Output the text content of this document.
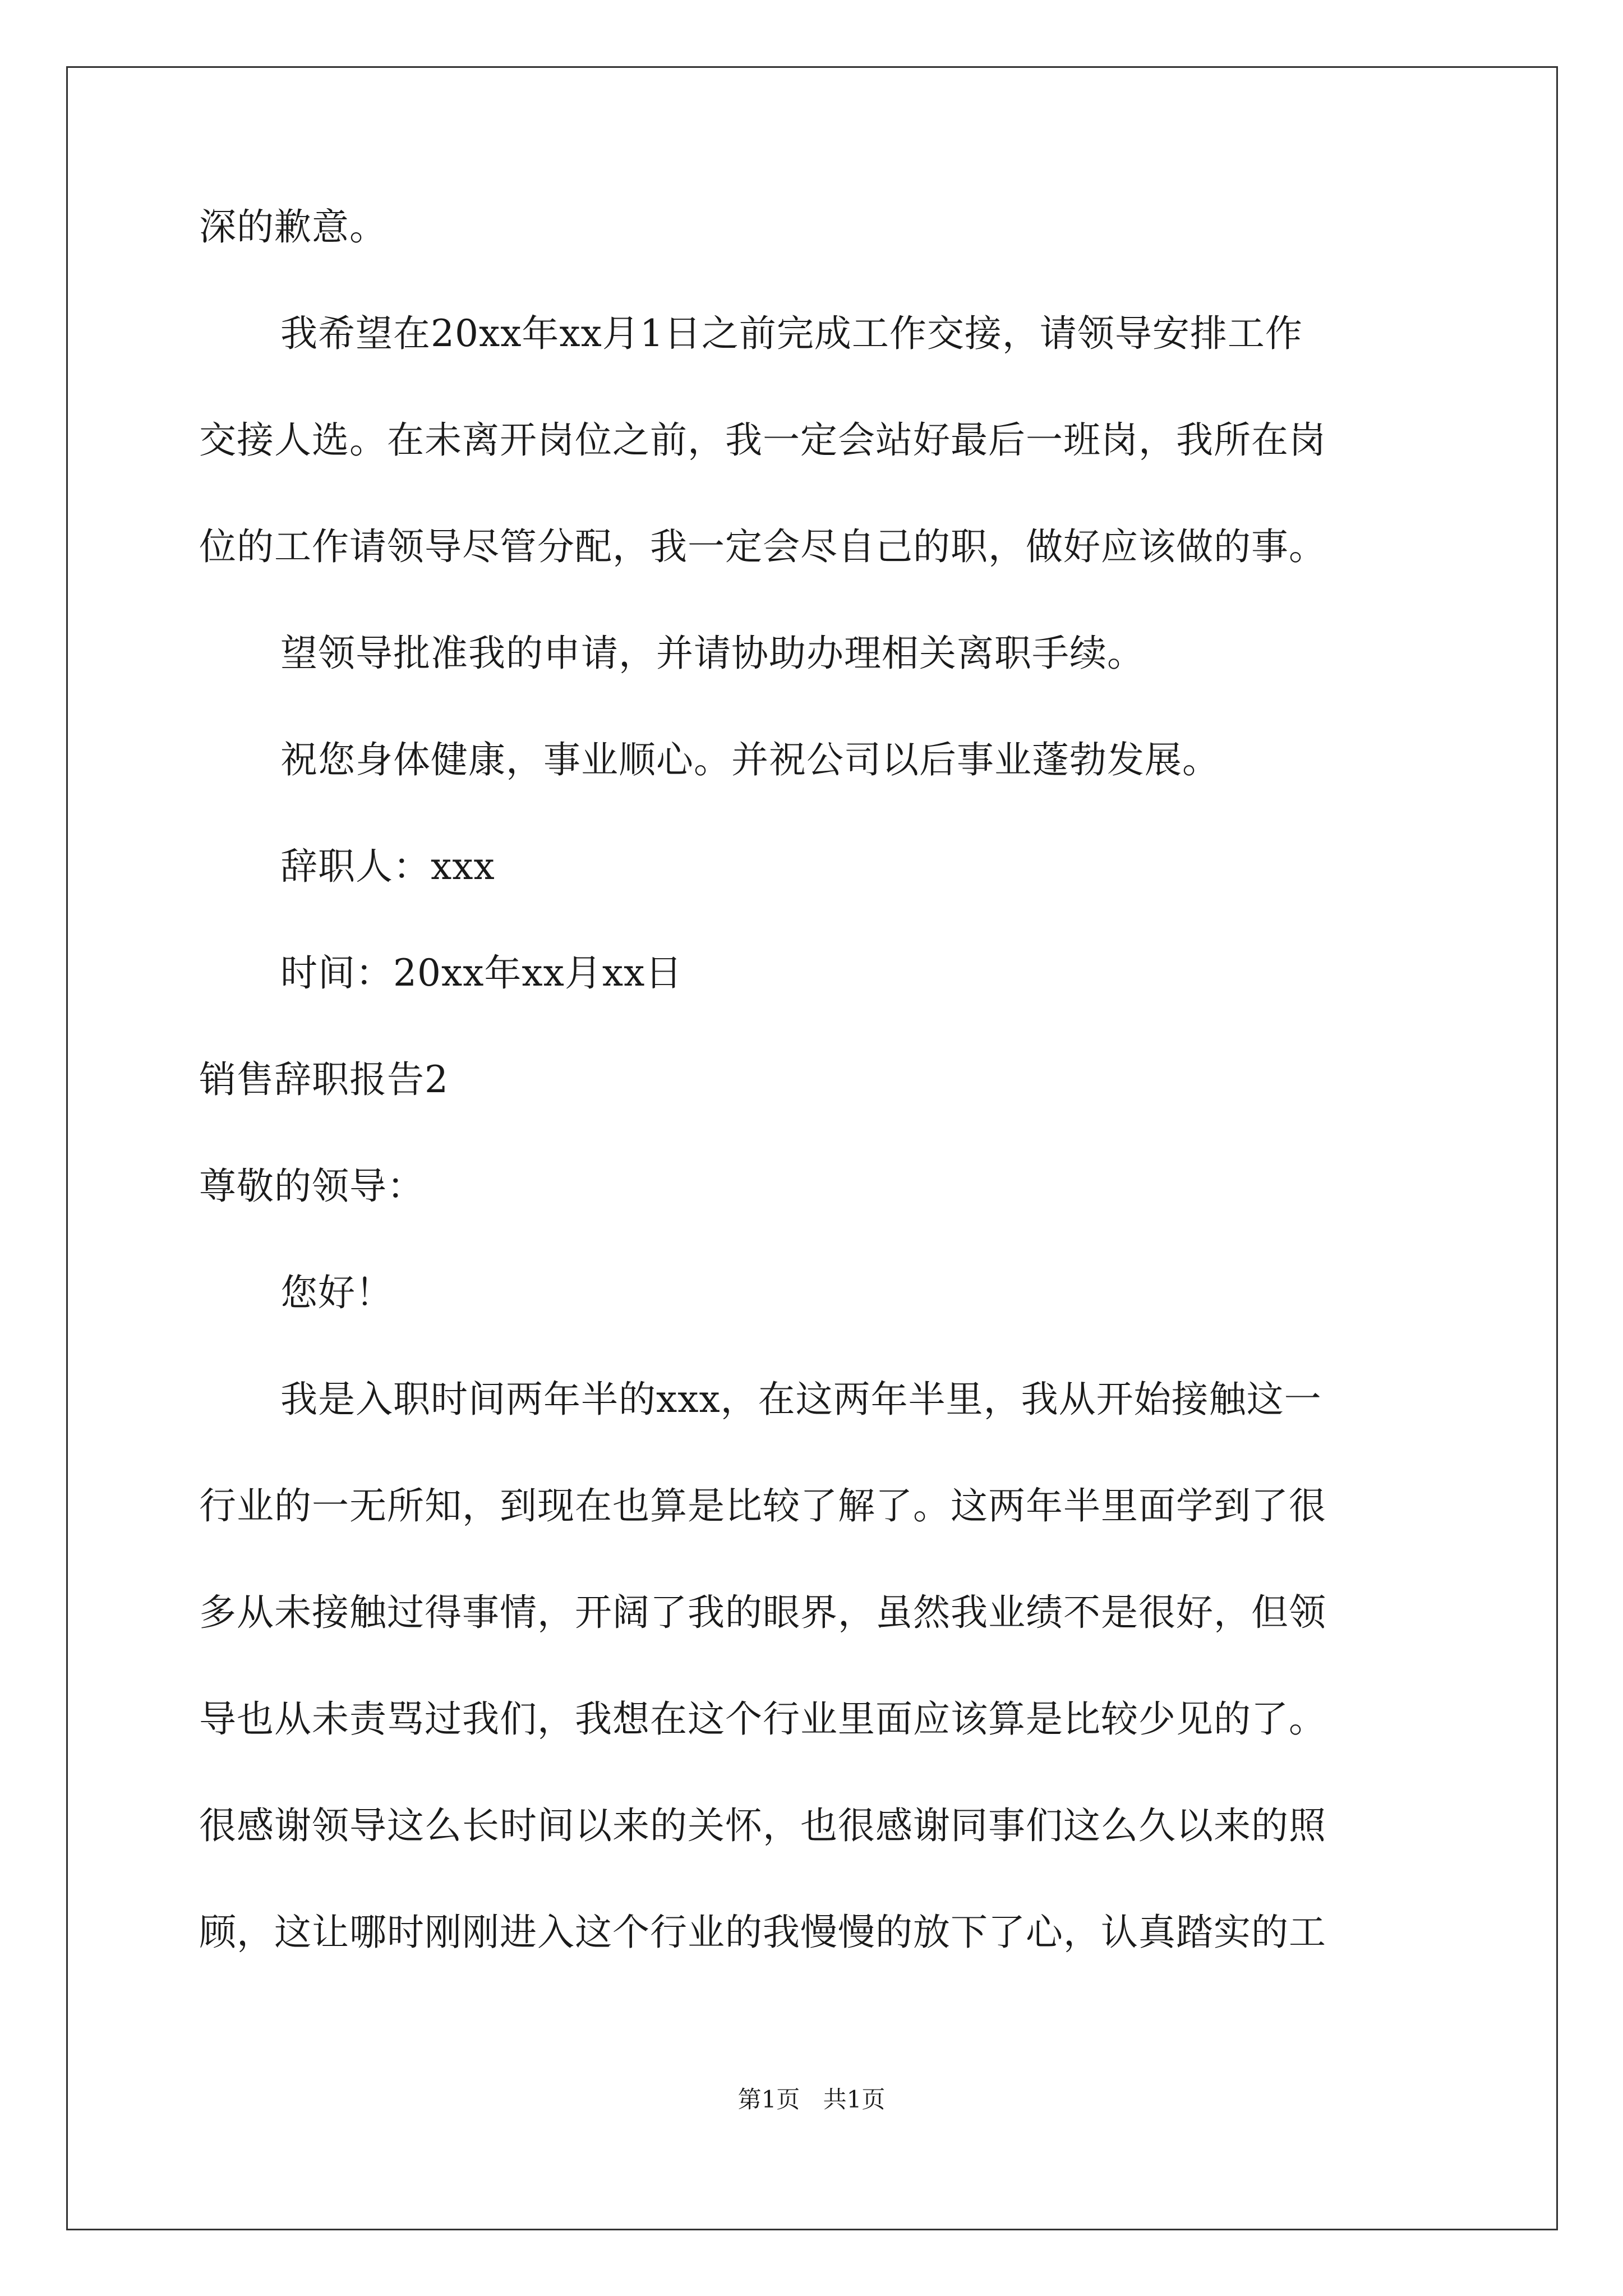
深的歉意。
我希望在20xx年xx月1日之前完成工作交接，请领导安排工作
交接人选。在未离开岗位之前，我一定会站好最后一班岗，我所在岗
位的工作请领导尽管分配，我一定会尽自己的职，做好应该做的事。
望领导批准我的申请，并请协助办理相关离职手续。
祝您身体健康，事业顺心。并祝公司以后事业蓬勃发展。
辞职人：xxx
时间：20xx年xx月xx日
销售辞职报告2
尊敬的领导：
您好！
我是入职时间两年半的xxx，在这两年半里，我从开始接触这一
行业的一无所知，到现在也算是比较了解了。这两年半里面学到了很
多从未接触过得事情，开阔了我的眼界，虽然我业绩不是很好，但领
导也从未责骂过我们，我想在这个行业里面应该算是比较少见的了。
很感谢领导这么长时间以来的关怀，也很感谢同事们这么久以来的照
顾，这让哪时刚刚进入这个行业的我慢慢的放下了心，认真踏实的工
第1页 共1页
